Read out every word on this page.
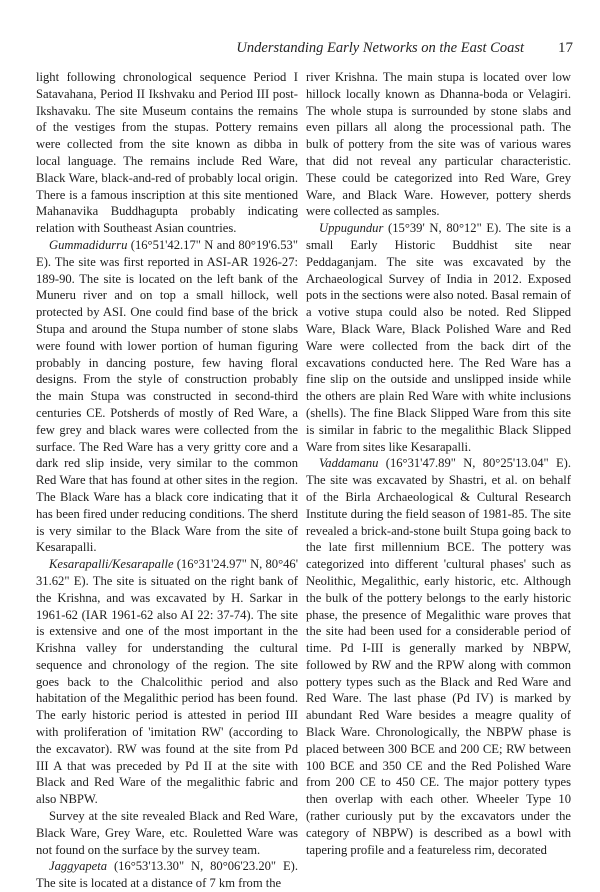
Understanding Early Networks on the East Coast 17

light following chronological sequence Period I Satavahana, Period II Ikshvaku and Period III post-Ikshavaku. The site Museum contains the remains of the vestiges from the stupas. Pottery remains were collected from the site known as dibba in local language. The remains include Red Ware, Black Ware, black-and-red of probably local origin. There is a famous inscription at this site mentioned Mahanavika Buddhagupta probably indicating relation with Southeast Asian countries.

Gummadidurru (16°51'42.17" N and 80°19'6.53" E). The site was first reported in ASI-AR 1926-27: 189-90. The site is located on the left bank of the Muneru river and on top a small hillock, well protected by ASI. One could find base of the brick Stupa and around the Stupa number of stone slabs were found with lower portion of human figuring probably in dancing posture, few having floral designs. From the style of construction probably the main Stupa was constructed in second-third centuries CE. Potsherds of mostly of Red Ware, a few grey and black wares were collected from the surface. The Red Ware has a very gritty core and a dark red slip inside, very similar to the common Red Ware that has found at other sites in the region. The Black Ware has a black core indicating that it has been fired under reducing conditions. The sherd is very similar to the Black Ware from the site of Kesarapalli.

Kesarapalli/Kesarapalle (16°31'24.97" N, 80°46' 31.62" E). The site is situated on the right bank of the Krishna, and was excavated by H. Sarkar in 1961-62 (IAR 1961-62 also AI 22: 37-74). The site is extensive and one of the most important in the Krishna valley for understanding the cultural sequence and chronology of the region. The site goes back to the Chalcolithic period and also habitation of the Megalithic period has been found. The early historic period is attested in period III with proliferation of 'imitation RW' (according to the excavator). RW was found at the site from Pd III A that was preceded by Pd II at the site with Black and Red Ware of the megalithic fabric and also NBPW.

Survey at the site revealed Black and Red Ware, Black Ware, Grey Ware, etc. Rouletted Ware was not found on the surface by the survey team.

Jaggyapeta (16°53'13.30" N, 80°06'23.20" E). The site is located at a distance of 7 km from the

river Krishna. The main stupa is located over low hillock locally known as Dhanna-boda or Velagiri. The whole stupa is surrounded by stone slabs and even pillars all along the processional path. The bulk of pottery from the site was of various wares that did not reveal any particular characteristic. These could be categorized into Red Ware, Grey Ware, and Black Ware. However, pottery sherds were collected as samples.

Uppugundur (15°39' N, 80°12" E). The site is a small Early Historic Buddhist site near Peddaganjam. The site was excavated by the Archaeological Survey of India in 2012. Exposed pots in the sections were also noted. Basal remain of a votive stupa could also be noted. Red Slipped Ware, Black Ware, Black Polished Ware and Red Ware were collected from the back dirt of the excavations conducted here. The Red Ware has a fine slip on the outside and unslipped inside while the others are plain Red Ware with white inclusions (shells). The fine Black Slipped Ware from this site is similar in fabric to the megalithic Black Slipped Ware from sites like Kesarapalli.

Vaddamanu (16°31'47.89" N, 80°25'13.04" E). The site was excavated by Shastri, et al. on behalf of the Birla Archaeological & Cultural Research Institute during the field season of 1981-85. The site revealed a brick-and-stone built Stupa going back to the late first millennium BCE. The pottery was categorized into different 'cultural phases' such as Neolithic, Megalithic, early historic, etc. Although the bulk of the pottery belongs to the early historic phase, the presence of Megalithic ware proves that the site had been used for a considerable period of time. Pd I-III is generally marked by NBPW, followed by RW and the RPW along with common pottery types such as the Black and Red Ware and Red Ware. The last phase (Pd IV) is marked by abundant Red Ware besides a meagre quality of Black Ware. Chronologically, the NBPW phase is placed between 300 BCE and 200 CE; RW between 100 BCE and 350 CE and the Red Polished Ware from 200 CE to 450 CE. The major pottery types then overlap with each other. Wheeler Type 10 (rather curiously put by the excavators under the category of NBPW) is described as a bowl with tapering profile and a featureless rim, decorated
